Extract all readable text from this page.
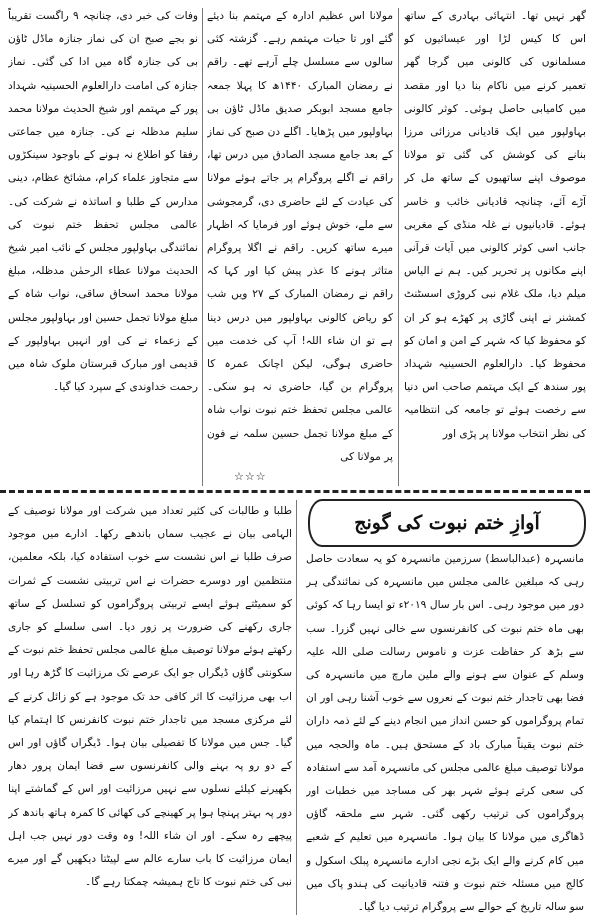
گھر نہیں تھا۔ انتہائی بہادری کے ساتھ اس کا کیس لڑا اور عیسائیوں کو مسلمانوں کی کالونی میں گرجا گھر تعمیر کرنے میں ناکام بنا دیا اور مقصد میں کامیابی حاصل ہوئی۔ کوثر کالونی بہاولپور میں ایک قادیانی مرزائی مرزا بنانے کی کوشش کی گئی تو مولانا موصوف اپنے ساتھیوں کے ساتھ مل کر آڑے آئے، چنانچہ قادیانی خائب و خاسر ہوئے۔ قادیانیوں نے غلہ منڈی کے مغربی جانب اسی کوثر کالونی میں آیات قرآنی اپنے مکانوں پر تحریر کیں۔ ہم نے الیاس میلم دیا، ملک غلام نبی کروڑی اسسٹنٹ کمشنر نے اپنی گاڑی پر کھڑے ہو کر ان کو محفوظ کیا کہ شہر کے امن و امان کو محفوظ کیا۔ دارالعلوم الحسینیہ شہداد پور سندھ کے ایک مہتمم صاحب اس دنیا سے رخصت ہوئے تو جامعہ کی انتظامیہ کی نظر انتخاب مولانا پر پڑی اور

مولانا اس عظیم ادارہ کے مہتمم بنا دیئے گئے اور تا حیات مہتمم رہے۔ گزشتہ کئی سالوں سے مسلسل چلے آرہے تھے۔ راقم نے رمضان المبارک ۱۴۴۰ھ کا پہلا جمعہ جامع مسجد ابوبکر صدیق ماڈل ٹاؤن بی بہاولپور میں پڑھایا۔ اگلے دن صبح کی نماز کے بعد جامع مسجد الصادق میں درس تھا، راقم نے اگلے پروگرام پر جاتے ہوئے مولانا کی عیادت کے لئے حاضری دی، گرمجوشی سے ملے، خوش ہوئے اور فرمایا کہ اظہار میرے ساتھ کریں۔ راقم نے اگلا پروگرام متاثر ہونے کا عذر پیش کیا اور کہا کہ راقم نے رمضان المبارک کے ۲۷ ویں شب کو ریاض کالونی بہاولپور میں درس دینا ہے تو ان شاء اللہ! آپ کی خدمت میں حاضری ہوگی، لیکن اچانک عمرہ کا پروگرام بن گیا، حاضری نہ ہو سکی۔ عالمی مجلس تحفظ ختم نبوت نواب شاہ کے مبلغ مولانا تجمل حسین سلمہ نے فون پر مولانا کی

وفات کی خبر دی، چنانچہ ۹ راگست تقریباً نو بجے صبح ان کی نماز جنازہ ماڈل ٹاؤن بی کی جنازہ گاہ میں ادا کی گئی۔ نماز جنازہ کی امامت دارالعلوم الحسینیہ شہداد پور کے مہتمم اور شیخ الحدیث مولانا محمد سلیم مدظلہ نے کی۔ جنازہ میں جماعتی رفقا کو اطلاع نہ ہونے کے باوجود سینکڑوں سے متجاوز علماء کرام، مشائخ عظام، دینی مدارس کے طلبا و اساتذہ نے شرکت کی۔ عالمی مجلس تحفظ ختم نبوت کی نمائندگی بہاولپور مجلس کے نائب امیر شیخ الحدیث مولانا عطاء الرحمٰن مدظلہ، مبلغ مولانا محمد اسحاق ساقی، نواب شاہ کے مبلغ مولانا تجمل حسین اور بہاولپور مجلس کے زعماء نے کی اور انہیں بہاولپور کے قدیمی اور مبارک قبرستان ملوک شاہ میں رحمت خداوندی کے سپرد کیا گیا۔

☆☆☆
آوازِ ختم نبوت کی گونج

مانسہرہ (عبدالباسط) سرزمین مانسہرہ کو یہ سعادت حاصل رہی کہ مبلغین عالمی مجلس میں مانسہرہ کی نمائندگی ہر دور میں موجود رہی۔ اس بار سال ۲۰۱۹ء تو ایسا رہا کہ کوئی بھی ماہ ختم نبوت کی کانفرنسوں سے خالی نہیں گزرا۔ سب سے بڑھ کر حفاظت عزت و ناموس رسالت صلی اللہ علیہ وسلم کے عنوان سے ہونے والے ملین مارچ میں مانسہرہ کی فضا بھی تاجدار ختم نبوت کے نعروں سے خوب آشنا رہی اور ان تمام پروگراموں کو حسن انداز میں انجام دینے کے لئے ذمہ داران ختم نبوت یقیناً مبارک باد کے مستحق ہیں۔ ماہ والحجہ میں مولانا توصیف مبلغ عالمی مجلس کی مانسہرہ آمد سے استفادہ کی سعی کرتے ہوئے شہر بھر کی مساجد میں خطبات اور پروگراموں کی ترتیب رکھی گئی۔ شہر سے ملحقہ گاؤں ڈھاگری میں مولانا کا بیان ہوا۔ مانسہرہ میں تعلیم کے شعبے میں کام کرنے والے ایک بڑے نجی ادارے مانسہرہ پبلک اسکول و کالج میں مسئلہ ختم نبوت و فتنہ قادیانیت کی ہندو پاک میں سو سالہ تاریخ کے حوالے سے پروگرام ترتیب دیا گیا۔

طلبا و طالبات کی کثیر تعداد میں شرکت اور مولانا توصیف کے الہامی بیان نے عجیب سماں باندھے رکھا۔ ادارے میں موجود صرف طلبا نے اس نشست سے خوب استفادہ کیا، بلکہ معلمین، منتظمین اور دوسرے حضرات نے اس تربیتی نشست کے ثمرات کو سمیٹتے ہوئے ایسے تربیتی پروگراموں کو تسلسل کے ساتھ جاری رکھنے کی ضرورت پر زور دیا۔ اسی سلسلے کو جاری رکھتے ہوئے مولانا توصیف مبلغ عالمی مجلس تحفظ ختم نبوت کے سکونتی گاؤں ڈیگراں جو ایک عرصے تک مرزائیت کا گڑھ رہا اور اب بھی مرزائیت کا اثر کافی حد تک موجود ہے کو زائل کرنے کے لئے مرکزی مسجد میں تاجدار ختم نبوت کانفرنس کا اہتمام کیا گیا۔ جس میں مولانا کا تفصیلی بیان ہوا۔ ڈیگراں گاؤں اور اس کے دو رو پہ بہنے والی کانفرنسوں سے فضا ایمان پرور دھار بکھیرنے کیلئے نسلوں سے نہیں مرزائیت اور اس کے گماشتے اپنا دور پہ بہتر پہنچا ہوا پر کھینچے کی کھائی کا کمرہ ہاتھ باندھ کر پیچھے رہ سکے۔ اور ان شاء اللہ! وہ وقت دور نہیں جب اہل ایمان مرزائیت کا باب سارے عالم سے لپیٹتا دیکھیں گے اور میرے نبی کی ختم نبوت کا تاج ہمیشہ چمکتا رہے گا۔
